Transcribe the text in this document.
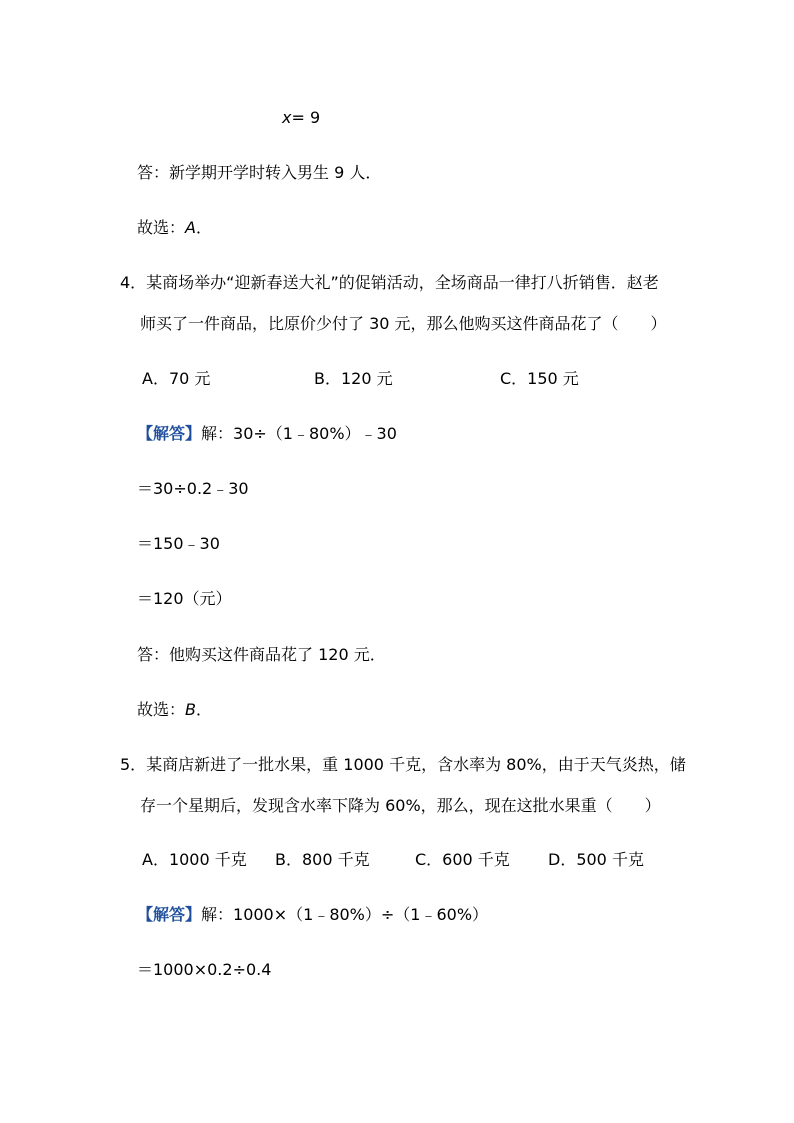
x= 9
答：新学期开学时转入男生 9 人．
故选：A．
4．某商场举办“迎新春送大礼”的促销活动，全场商品一律打八折销售．赵老
师买了一件商品，比原价少付了 30 元，那么他购买这件商品花了（　　）
A．70 元	B．120 元	C．150 元
【解答】解：30÷（1﹣80%）﹣30
＝30÷0.2﹣30
＝150﹣30
＝120（元）
答：他购买这件商品花了 120 元．
故选：B．
5．某商店新进了一批水果，重 1000 千克，含水率为 80%，由于天气炎热，储
存一个星期后，发现含水率下降为 60%，那么，现在这批水果重（　　）
A．1000 千克 B．800 千克	C．600 千克 D．500 千克
【解答】解：1000×（1﹣80%）÷（1﹣60%）
＝1000×0.2÷0.4
